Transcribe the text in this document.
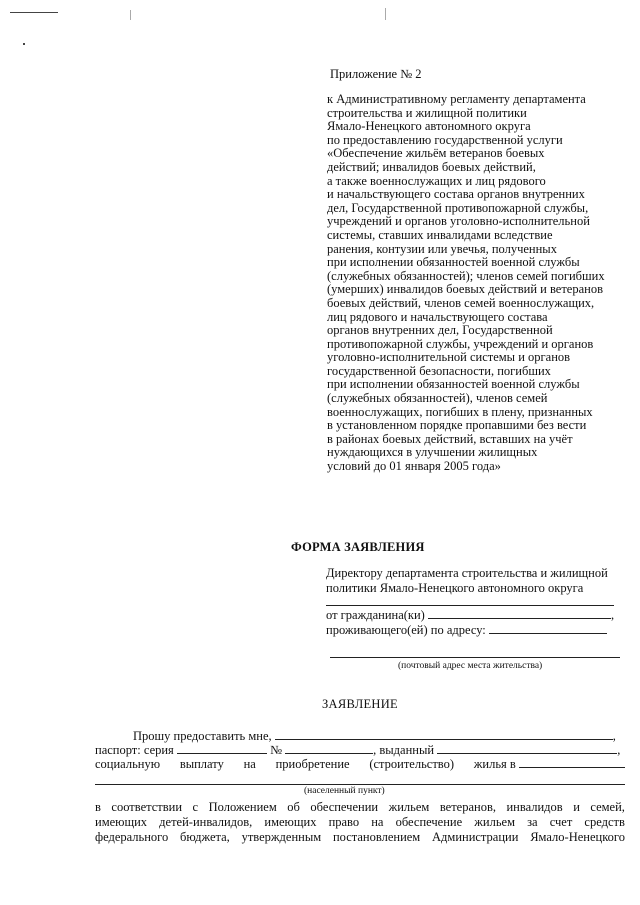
Приложение № 2
к Административному регламенту департамента
строительства и жилищной политики
Ямало-Ненецкого автономного округа
по предоставлению государственной услуги
«Обеспечение жильём ветеранов боевых
действий; инвалидов боевых действий,
а также военнослужащих и лиц рядового
и начальствующего состава органов внутренних
дел, Государственной противопожарной службы,
учреждений и органов уголовно-исполнительной
системы, ставших инвалидами вследствие
ранения, контузии или увечья, полученных
при исполнении обязанностей военной службы
(служебных обязанностей); членов семей погибших
(умерших) инвалидов боевых действий и ветеранов
боевых действий, членов семей военнослужащих,
лиц рядового и начальствующего состава
органов внутренних дел, Государственной
противопожарной службы, учреждений и органов
уголовно-исполнительной системы и органов
государственной безопасности, погибших
при исполнении обязанностей военной службы
(служебных обязанностей), членов семей
военнослужащих, погибших в плену, признанных
в установленном порядке пропавшими без вести
в районах боевых действий, вставших на учёт
нуждающихся в улучшении жилищных
условий до 01 января 2005 года»
ФОРМА ЗАЯВЛЕНИЯ
Директору департамента строительства и жилищной
политики Ямало-Ненецкого автономного округа
от гражданина(ки)	,
проживающего(ей) по адресу:
(почтовый адрес места жительства)
ЗАЯВЛЕНИЕ
Прошу предоставить мне,	,
паспорт: серия	№	, выданный	,
социальную выплату на приобретение (строительство) жилья в
(населенный пункт)
в соответствии с Положением об обеспечении жильем ветеранов, инвалидов и семей,
имеющих детей-инвалидов, имеющих право на обеспечение жильем за счет средств
федерального бюджета, утвержденным постановлением Администрации Ямало-Ненецкого
